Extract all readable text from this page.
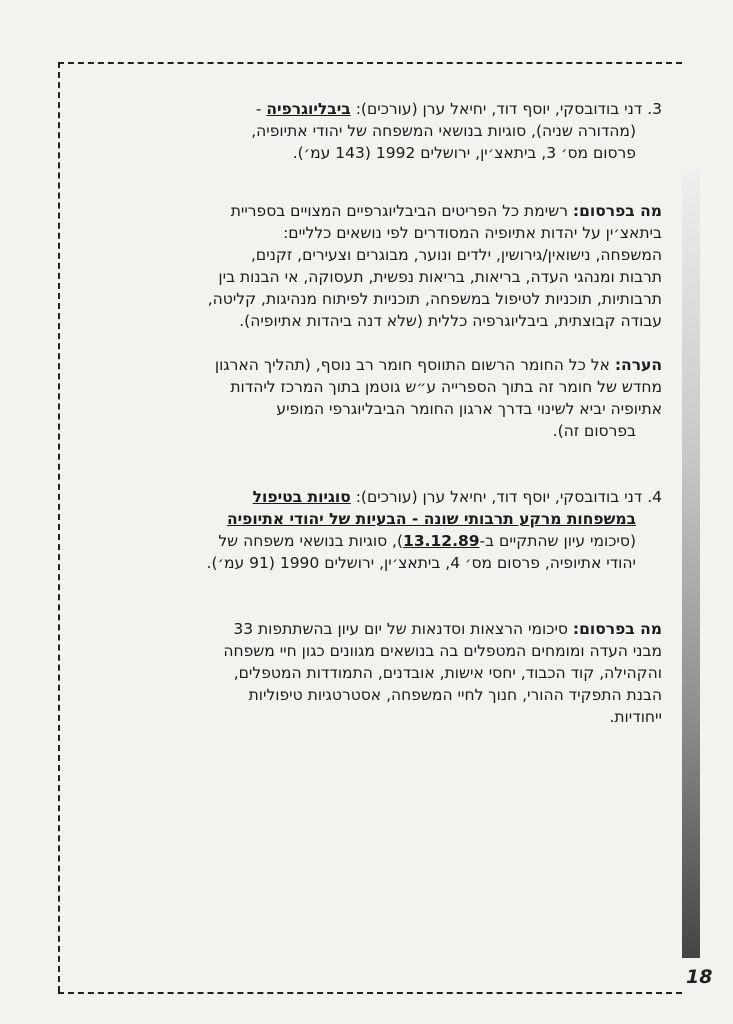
3. דני בודובסקי, יוסף דוד, יחיאל ערן (עורכים): ביבליוגרפיה -
(מהדורה שניה), סוגיות בנושאי המשפחה של יהודי אתיופיה,
פרסום מס׳ 3, ביתאצ׳ין, ירושלים 1992 (143 עמ׳).
מה בפרסום: רשימת כל הפריטים הביבליוגרפיים המצויים בספריית
ביתאצ׳ין על יהדות אתיופיה המסודרים לפי נושאים כלליים:
המשפחה, נישואין/גירושין, ילדים ונוער, מבוגרים וצעירים, זקנים,
תרבות ומנהגי העדה, בריאות, בריאות נפשית, תעסוקה, אי הבנות בין
תרבותיות, תוכניות לטיפול במשפחה, תוכניות לפיתוח מנהיגות, קליטה,
עבודה קבוצתית, ביבליוגרפיה כללית (שלא דנה ביהדות אתיופיה).
הערה: אל כל החומר הרשום התווסף חומר רב נוסף, (תהליך הארגון
מחדש של חומר זה בתוך הספרייה ע״ש גוטמן בתוך המרכז ליהדות
אתיופיה יביא לשינוי בדרך ארגון החומר הביבליוגרפי המופיע
בפרסום זה).
4. דני בודובסקי, יוסף דוד, יחיאל ערן (עורכים): סוגיות בטיפול
במשפחות מרקע תרבותי שונה - הבעיות של יהודי אתיופיה
(סיכומי עיון שהתקיים ב-13.12.89), סוגיות בנושאי משפחה של
יהודי אתיופיה, פרסום מס׳ 4, ביתאצ׳ין, ירושלים 1990 (91 עמ׳).
מה בפרסום: סיכומי הרצאות וסדנאות של יום עיון בהשתתפות 33
מבני העדה ומומחים המטפלים בה בנושאים מגוונים כגון חיי משפחה
והקהילה, קוד הכבוד, יחסי אישות, אובדנים, התמודדות המטפלים,
הבנת התפקיד ההורי, חנוך לחיי המשפחה, אסטרטגיות טיפוליות
ייחודיות.
18
